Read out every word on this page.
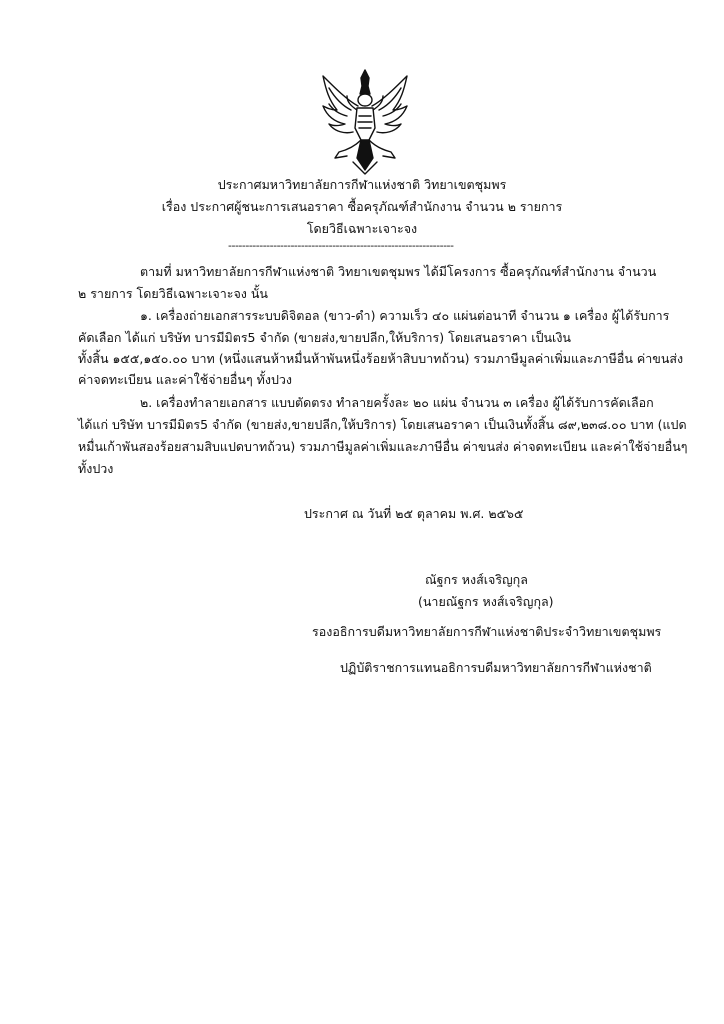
ประกาศมหาวิทยาลัยการกีฬาแห่งชาติ วิทยาเขตชุมพร
เรื่อง ประกาศผู้ชนะการเสนอราคา ซื้อครุภัณฑ์สำนักงาน จำนวน ๒ รายการ
โดยวิธีเฉพาะเจาะจง
-----------------------------------------------------------------
ตามที่ มหาวิทยาลัยการกีฬาแห่งชาติ วิทยาเขตชุมพร ได้มีโครงการ ซื้อครุภัณฑ์สำนักงาน จำนวน
๒ รายการ โดยวิธีเฉพาะเจาะจง นั้น
๑. เครื่องถ่ายเอกสารระบบดิจิตอล (ขาว-ดำ) ความเร็ว ๔๐ แผ่นต่อนาที จำนวน ๑ เครื่อง ผู้ได้รับการ
คัดเลือก ได้แก่ บริษัท บารมีมิตร5 จำกัด (ขายส่ง,ขายปลีก,ให้บริการ) โดยเสนอราคา เป็นเงิน
ทั้งสิ้น ๑๕๕,๑๕๐.๐๐ บาท (หนึ่งแสนห้าหมื่นห้าพันหนึ่งร้อยห้าสิบบาทถ้วน) รวมภาษีมูลค่าเพิ่มและภาษีอื่น ค่าขนส่ง
ค่าจดทะเบียน และค่าใช้จ่ายอื่นๆ ทั้งปวง
๒. เครื่องทำลายเอกสาร แบบตัดตรง ทำลายครั้งละ ๒๐ แผ่น จำนวน ๓ เครื่อง ผู้ได้รับการคัดเลือก
ได้แก่ บริษัท บารมีมิตร5 จำกัด (ขายส่ง,ขายปลีก,ให้บริการ) โดยเสนอราคา เป็นเงินทั้งสิ้น ๘๙,๒๓๘.๐๐ บาท (แปด
หมื่นเก้าพันสองร้อยสามสิบแปดบาทถ้วน) รวมภาษีมูลค่าเพิ่มและภาษีอื่น ค่าขนส่ง ค่าจดทะเบียน และค่าใช้จ่ายอื่นๆ
ทั้งปวง
ประกาศ ณ วันที่ ๒๕ ตุลาคม พ.ศ. ๒๕๖๕
ณัฐกร หงส์เจริญกุล
(นายณัฐกร หงส์เจริญกุล)
รองอธิการบดีมหาวิทยาลัยการกีฬาแห่งชาติประจำวิทยาเขตชุมพร
ปฏิบัติราชการแทนอธิการบดีมหาวิทยาลัยการกีฬาแห่งชาติ
